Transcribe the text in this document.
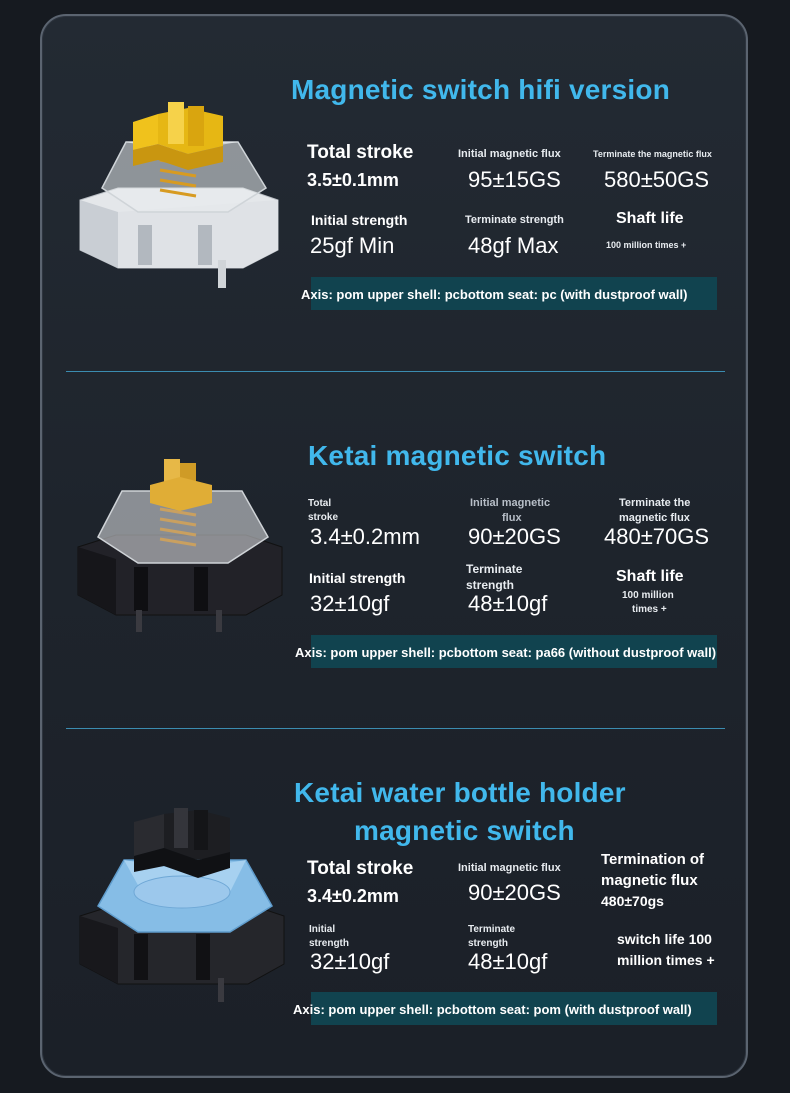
Magnetic switch hifi version
Total stroke
3.5±0.1mm
Initial magnetic flux
95±15GS
Terminate the magnetic flux
580±50GS
Initial strength
25gf Min
Terminate strength
48gf Max
Shaft life
100 million times +
Axis: pom upper shell: pcbottom seat: pc (with dustproof wall)
Ketai magnetic switch
Total
stroke
3.4±0.2mm
Initial magnetic
flux
90±20GS
Terminate the
magnetic flux
480±70GS
Initial strength
32±10gf
Terminate
strength
48±10gf
Shaft life
100 million
times +
Axis: pom upper shell: pcbottom seat: pa66 (without dustproof wall)
Ketai water bottle holder
magnetic switch
Total stroke
3.4±0.2mm
Initial magnetic flux
90±20GS
Termination of
magnetic flux
480±70gs
Initial
strength
32±10gf
Terminate
strength
48±10gf
switch life 100
million times +
Axis: pom upper shell: pcbottom seat: pom (with dustproof wall)
